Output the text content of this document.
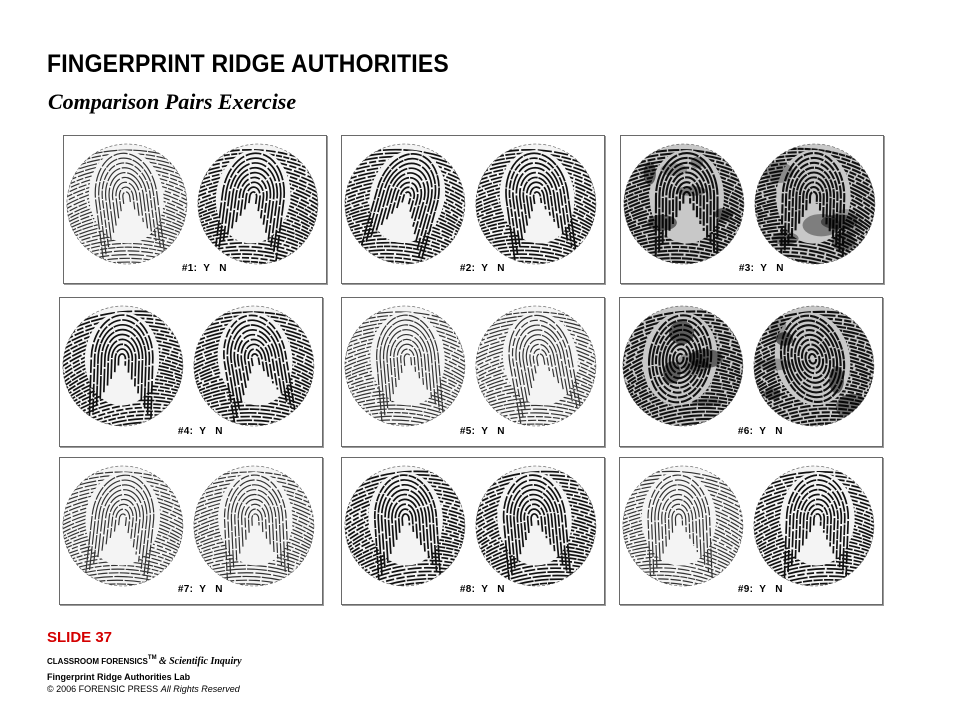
FINGERPRINT RIDGE AUTHORITIES
Comparison Pairs Exercise
#1:  Y   N	#2:  Y   N	#3:  Y   N
#4:  Y   N	#5:  Y   N	#6:  Y   N
#7:  Y   N	#8:  Y   N	#9:  Y   N
SLIDE 37
CLASSROOM FORENSICS™ & Scientific Inquiry
Fingerprint Ridge Authorities Lab
© 2006 FORENSIC PRESS All Rights Reserved
